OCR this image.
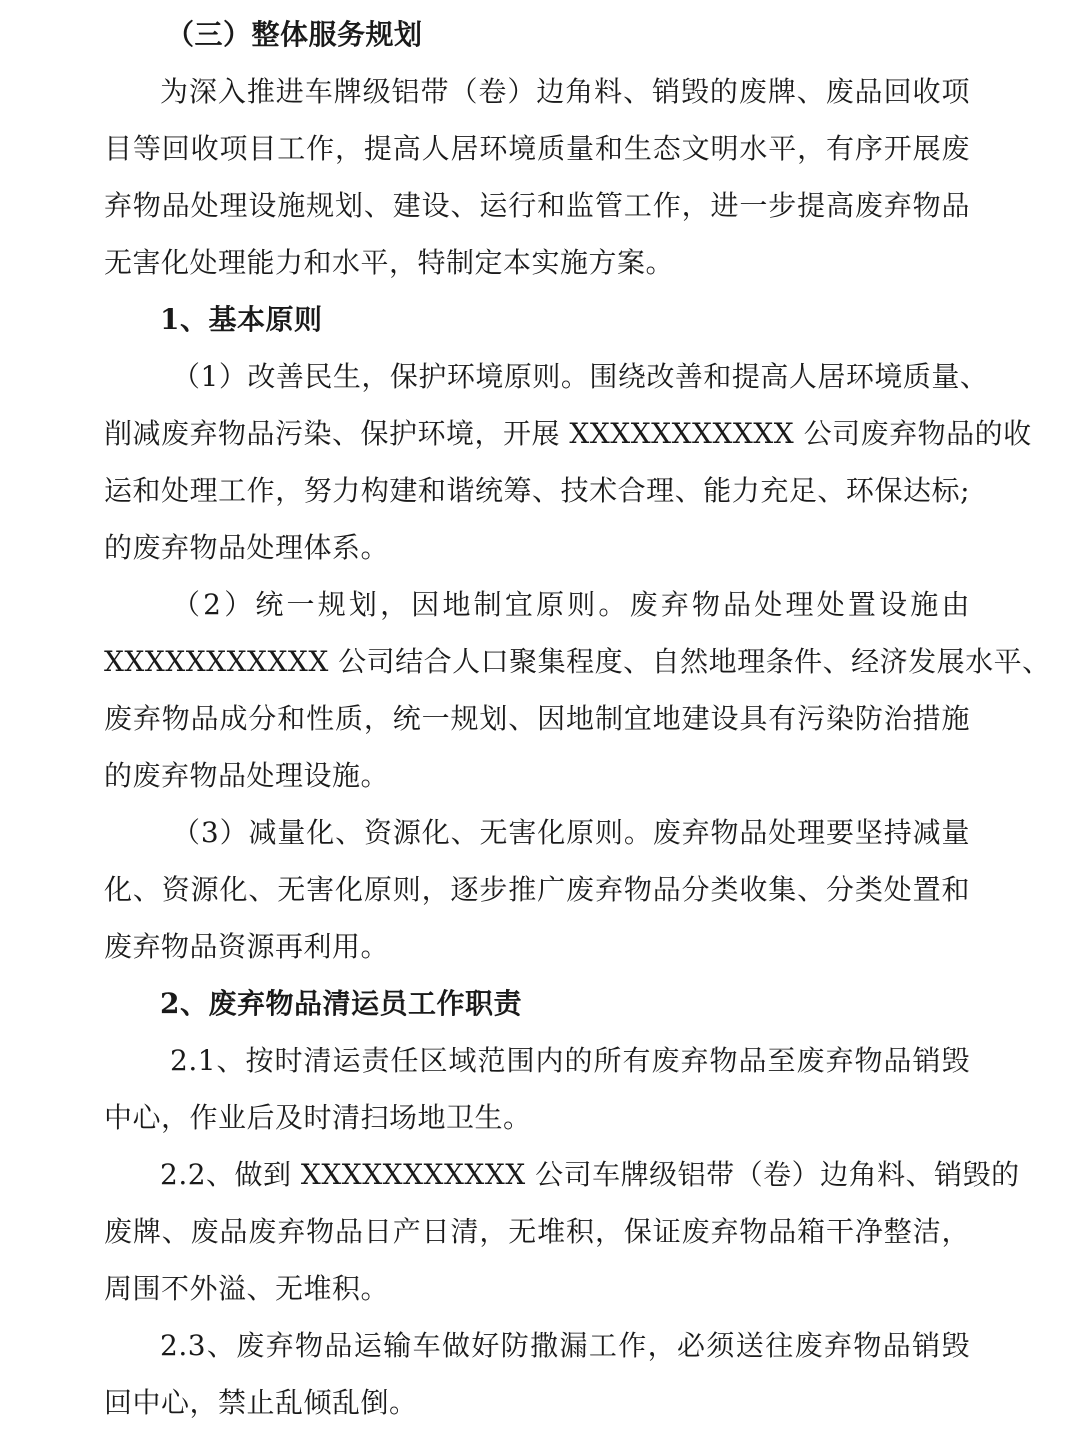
（三）整体服务规划
为深入推进车牌级铝带（卷）边角料、销毁的废牌、废品回收项
目等回收项目工作，提高人居环境质量和生态文明水平，有序开展废
弃物品处理设施规划、建设、运行和监管工作，进一步提高废弃物品
无害化处理能力和水平，特制定本实施方案。
1、基本原则
（1）改善民生，保护环境原则。围绕改善和提高人居环境质量、
削减废弃物品污染、保护环境，开展 XXXXXXXXXXX 公司废弃物品的收
运和处理工作，努力构建和谐统筹、技术合理、能力充足、环保达标;
的废弃物品处理体系。
（2）统一规划，因地制宜原则。废弃物品处理处置设施由
XXXXXXXXXXX 公司结合人口聚集程度、自然地理条件、经济发展水平、
废弃物品成分和性质，统一规划、因地制宜地建设具有污染防治措施
的废弃物品处理设施。
（3）减量化、资源化、无害化原则。废弃物品处理要坚持减量
化、资源化、无害化原则，逐步推广废弃物品分类收集、分类处置和
废弃物品资源再利用。
2、废弃物品清运员工作职责
2.1、按时清运责任区域范围内的所有废弃物品至废弃物品销毁
中心，作业后及时清扫场地卫生。
2.2、做到 XXXXXXXXXXX 公司车牌级铝带（卷）边角料、销毁的
废牌、废品废弃物品日产日清，无堆积，保证废弃物品箱干净整洁，
周围不外溢、无堆积。
2.3、废弃物品运输车做好防撒漏工作，必须送往废弃物品销毁
回中心，禁止乱倾乱倒。
